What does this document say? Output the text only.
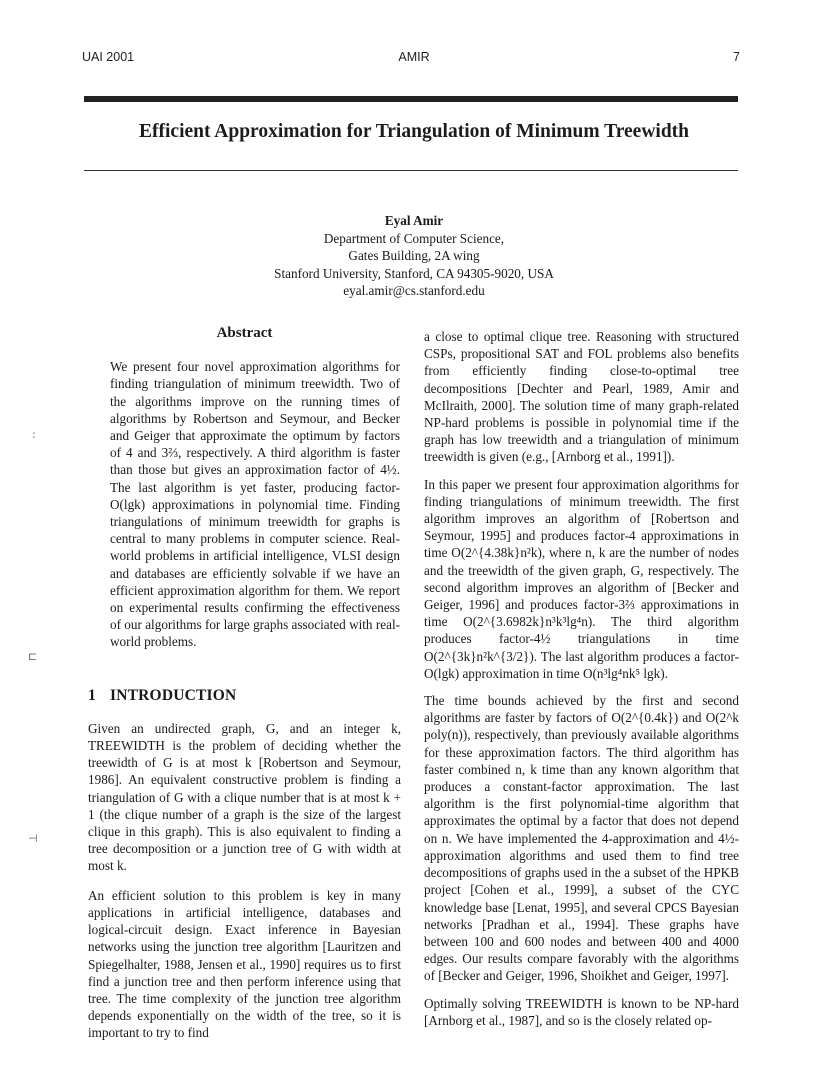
UAI 2001	AMIR	7
Efficient Approximation for Triangulation of Minimum Treewidth
Eyal Amir
Department of Computer Science,
Gates Building, 2A wing
Stanford University, Stanford, CA 94305-9020, USA
eyal.amir@cs.stanford.edu
:
⊏
⊣
Abstract

We present four novel approximation algorithms for finding triangulation of minimum treewidth. Two of the algorithms improve on the running times of algorithms by Robertson and Seymour, and Becker and Geiger that approximate the optimum by factors of 4 and 3⅔, respectively. A third algorithm is faster than those but gives an approximation factor of 4½. The last algorithm is yet faster, producing factor-O(lgk) approximations in polynomial time. Finding triangulations of minimum treewidth for graphs is central to many problems in computer science. Real-world problems in artificial intelligence, VLSI design and databases are efficiently solvable if we have an efficient approximation algorithm for them. We report on experimental results confirming the effectiveness of our algorithms for large graphs associated with real-world problems.

1 INTRODUCTION

Given an undirected graph, G, and an integer k, TREEWIDTH is the problem of deciding whether the treewidth of G is at most k [Robertson and Seymour, 1986]. An equivalent constructive problem is finding a triangulation of G with a clique number that is at most k + 1 (the clique number of a graph is the size of the largest clique in this graph). This is also equivalent to finding a tree decomposition or a junction tree of G with width at most k.

An efficient solution to this problem is key in many applications in artificial intelligence, databases and logical-circuit design. Exact inference in Bayesian networks using the junction tree algorithm [Lauritzen and Spiegelhalter, 1988, Jensen et al., 1990] requires us to first find a junction tree and then perform inference using that tree. The time complexity of the junction tree algorithm depends exponentially on the width of the tree, so it is important to try to find

a close to optimal clique tree. Reasoning with structured CSPs, propositional SAT and FOL problems also benefits from efficiently finding close-to-optimal tree decompositions [Dechter and Pearl, 1989, Amir and McIlraith, 2000]. The solution time of many graph-related NP-hard problems is possible in polynomial time if the graph has low treewidth and a triangulation of minimum treewidth is given (e.g., [Arnborg et al., 1991]).

In this paper we present four approximation algorithms for finding triangulations of minimum treewidth. The first algorithm improves an algorithm of [Robertson and Seymour, 1995] and produces factor-4 approximations in time O(2^{4.38k}n²k), where n, k are the number of nodes and the treewidth of the given graph, G, respectively. The second algorithm improves an algorithm of [Becker and Geiger, 1996] and produces factor-3⅔ approximations in time O(2^{3.6982k}n³k³lg⁴n). The third algorithm produces factor-4½ triangulations in time O(2^{3k}n²k^{3/2}). The last algorithm produces a factor-O(lgk) approximation in time O(n³lg⁴nk⁵ lgk).

The time bounds achieved by the first and second algorithms are faster by factors of O(2^{0.4k}) and O(2^k poly(n)), respectively, than previously available algorithms for these approximation factors. The third algorithm has faster combined n, k time than any known algorithm that produces a constant-factor approximation. The last algorithm is the first polynomial-time algorithm that approximates the optimal by a factor that does not depend on n. We have implemented the 4-approximation and 4½-approximation algorithms and used them to find tree decompositions of graphs used in the a subset of the HPKB project [Cohen et al., 1999], a subset of the CYC knowledge base [Lenat, 1995], and several CPCS Bayesian networks [Pradhan et al., 1994]. These graphs have between 100 and 600 nodes and between 400 and 4000 edges. Our results compare favorably with the algorithms of [Becker and Geiger, 1996, Shoikhet and Geiger, 1997].

Optimally solving TREEWIDTH is known to be NP-hard [Arnborg et al., 1987], and so is the closely related op-
